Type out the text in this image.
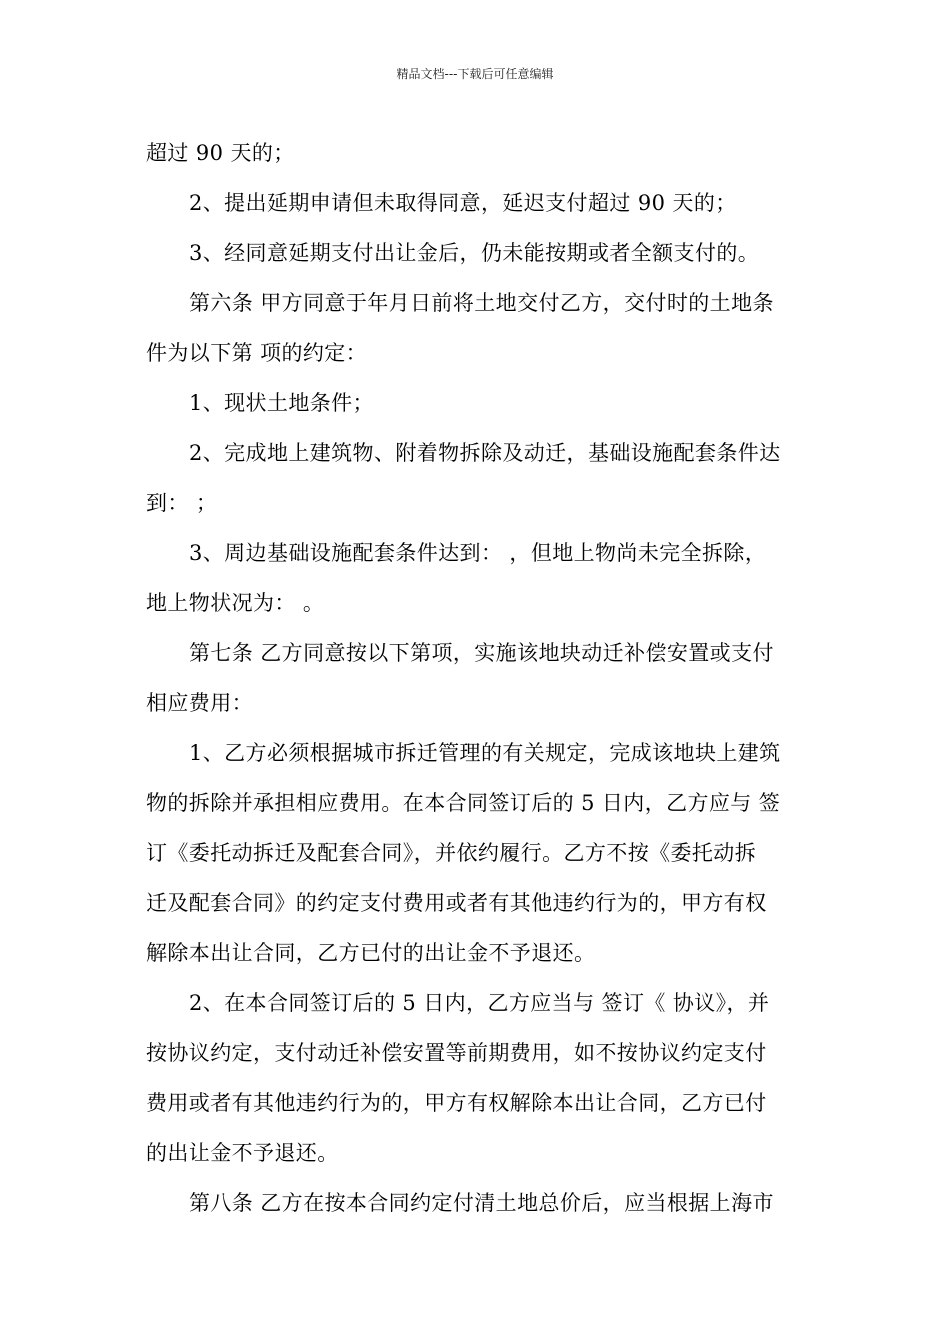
精品文档---下载后可任意编辑

超过 90 天的；

2、提出延期申请但未取得同意，延迟支付超过 90 天的；

3、经同意延期支付出让金后，仍未能按期或者全额支付的。

第六条 甲方同意于年月日前将土地交付乙方，交付时的土地条
件为以下第 项的约定：

1、现状土地条件；

2、完成地上建筑物、附着物拆除及动迁，基础设施配套条件达
到： ；

3、周边基础设施配套条件达到： ，但地上物尚未完全拆除，
地上物状况为： 。

第七条 乙方同意按以下第项，实施该地块动迁补偿安置或支付
相应费用：

1、乙方必须根据城市拆迁管理的有关规定，完成该地块上建筑
物的拆除并承担相应费用。在本合同签订后的 5 日内，乙方应与 签
订《委托动拆迁及配套合同》，并依约履行。乙方不按《委托动拆
迁及配套合同》的约定支付费用或者有其他违约行为的，甲方有权
解除本出让合同，乙方已付的出让金不予退还。

2、在本合同签订后的 5 日内，乙方应当与 签订《 协议》，并
按协议约定，支付动迁补偿安置等前期费用，如不按协议约定支付
费用或者有其他违约行为的，甲方有权解除本出让合同，乙方已付
的出让金不予退还。

第八条 乙方在按本合同约定付清土地总价后，应当根据上海市
